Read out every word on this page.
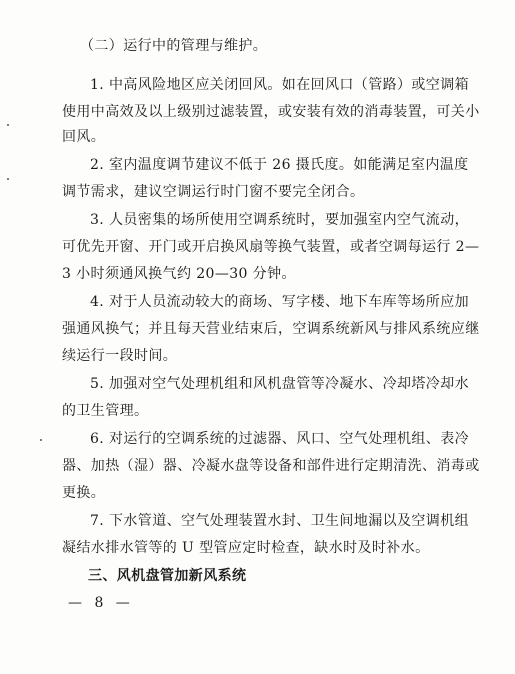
（二）运行中的管理与维护。
1. 中高风险地区应关闭回风。如在回风口（管路）或空调箱
使用中高效及以上级别过滤装置，或安装有效的消毒装置，可关小
回风。
2. 室内温度调节建议不低于 26 摄氏度。如能满足室内温度
调节需求，建议空调运行时门窗不要完全闭合。
3. 人员密集的场所使用空调系统时，要加强室内空气流动，
可优先开窗、开门或开启换风扇等换气装置，或者空调每运行 2—
3 小时须通风换气约 20—30 分钟。
4. 对于人员流动较大的商场、写字楼、地下车库等场所应加
强通风换气；并且每天营业结束后，空调系统新风与排风系统应继
续运行一段时间。
5. 加强对空气处理机组和风机盘管等冷凝水、冷却塔冷却水
的卫生管理。
6. 对运行的空调系统的过滤器、风口、空气处理机组、表冷
器、加热（湿）器、冷凝水盘等设备和部件进行定期清洗、消毒或
更换。
7. 下水管道、空气处理装置水封、卫生间地漏以及空调机组
凝结水排水管等的 U 型管应定时检查，缺水时及时补水。
三、风机盘管加新风系统
— 8 —
